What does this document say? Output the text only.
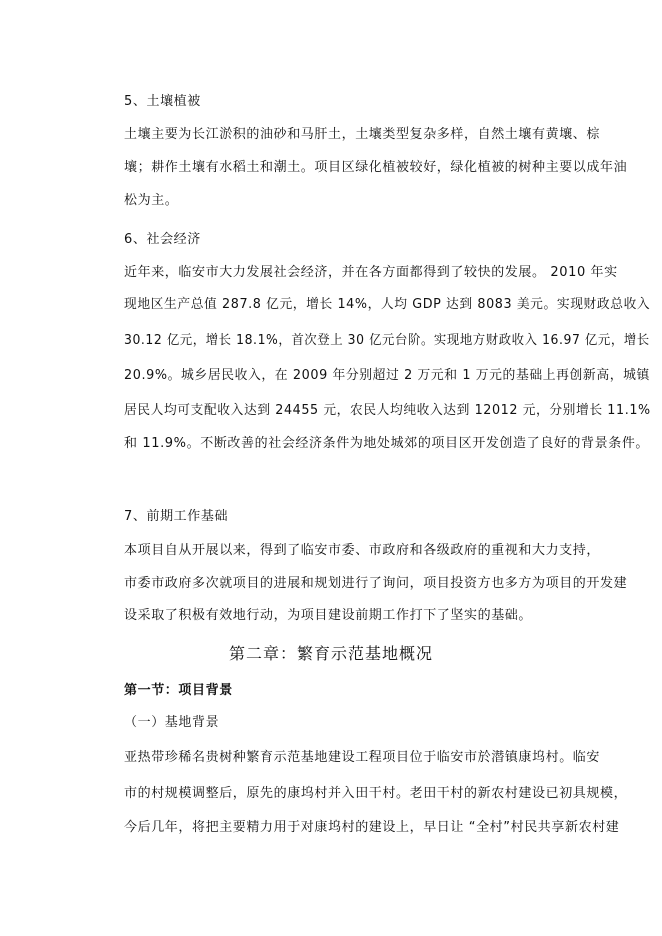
5、土壤植被
土壤主要为长江淤积的油砂和马肝土，土壤类型复杂多样，自然土壤有黄壤、棕
壤；耕作土壤有水稻土和潮土。项目区绿化植被较好，绿化植被的树种主要以成年油
松为主。
6、社会经济
近年来，临安市大力发展社会经济，并在各方面都得到了较快的发展。 2010 年实
现地区生产总值 287.8 亿元，增长 14%，人均 GDP 达到 8083 美元。实现财政总收入
30.12 亿元，增长 18.1%，首次登上 30 亿元台阶。实现地方财政收入 16.97 亿元，增长
20.9%。城乡居民收入，在 2009 年分别超过 2 万元和 1 万元的基础上再创新高，城镇
居民人均可支配收入达到 24455 元，农民人均纯收入达到 12012 元，分别增长 11.1%
和 11.9%。不断改善的社会经济条件为地处城郊的项目区开发创造了良好的背景条件。
7、前期工作基础
本项目自从开展以来，得到了临安市委、市政府和各级政府的重视和大力支持，
市委市政府多次就项目的进展和规划进行了询问，项目投资方也多方为项目的开发建
设采取了积极有效地行动，为项目建设前期工作打下了坚实的基础。
第二章：繁育示范基地概况
第一节：项目背景
（一）基地背景
亚热带珍稀名贵树种繁育示范基地建设工程项目位于临安市於潜镇康坞村。临安
市的村规模调整后，原先的康坞村并入田干村。老田干村的新农村建设已初具规模，
今后几年，将把主要精力用于对康坞村的建设上，早日让 “全村”村民共享新农村建
